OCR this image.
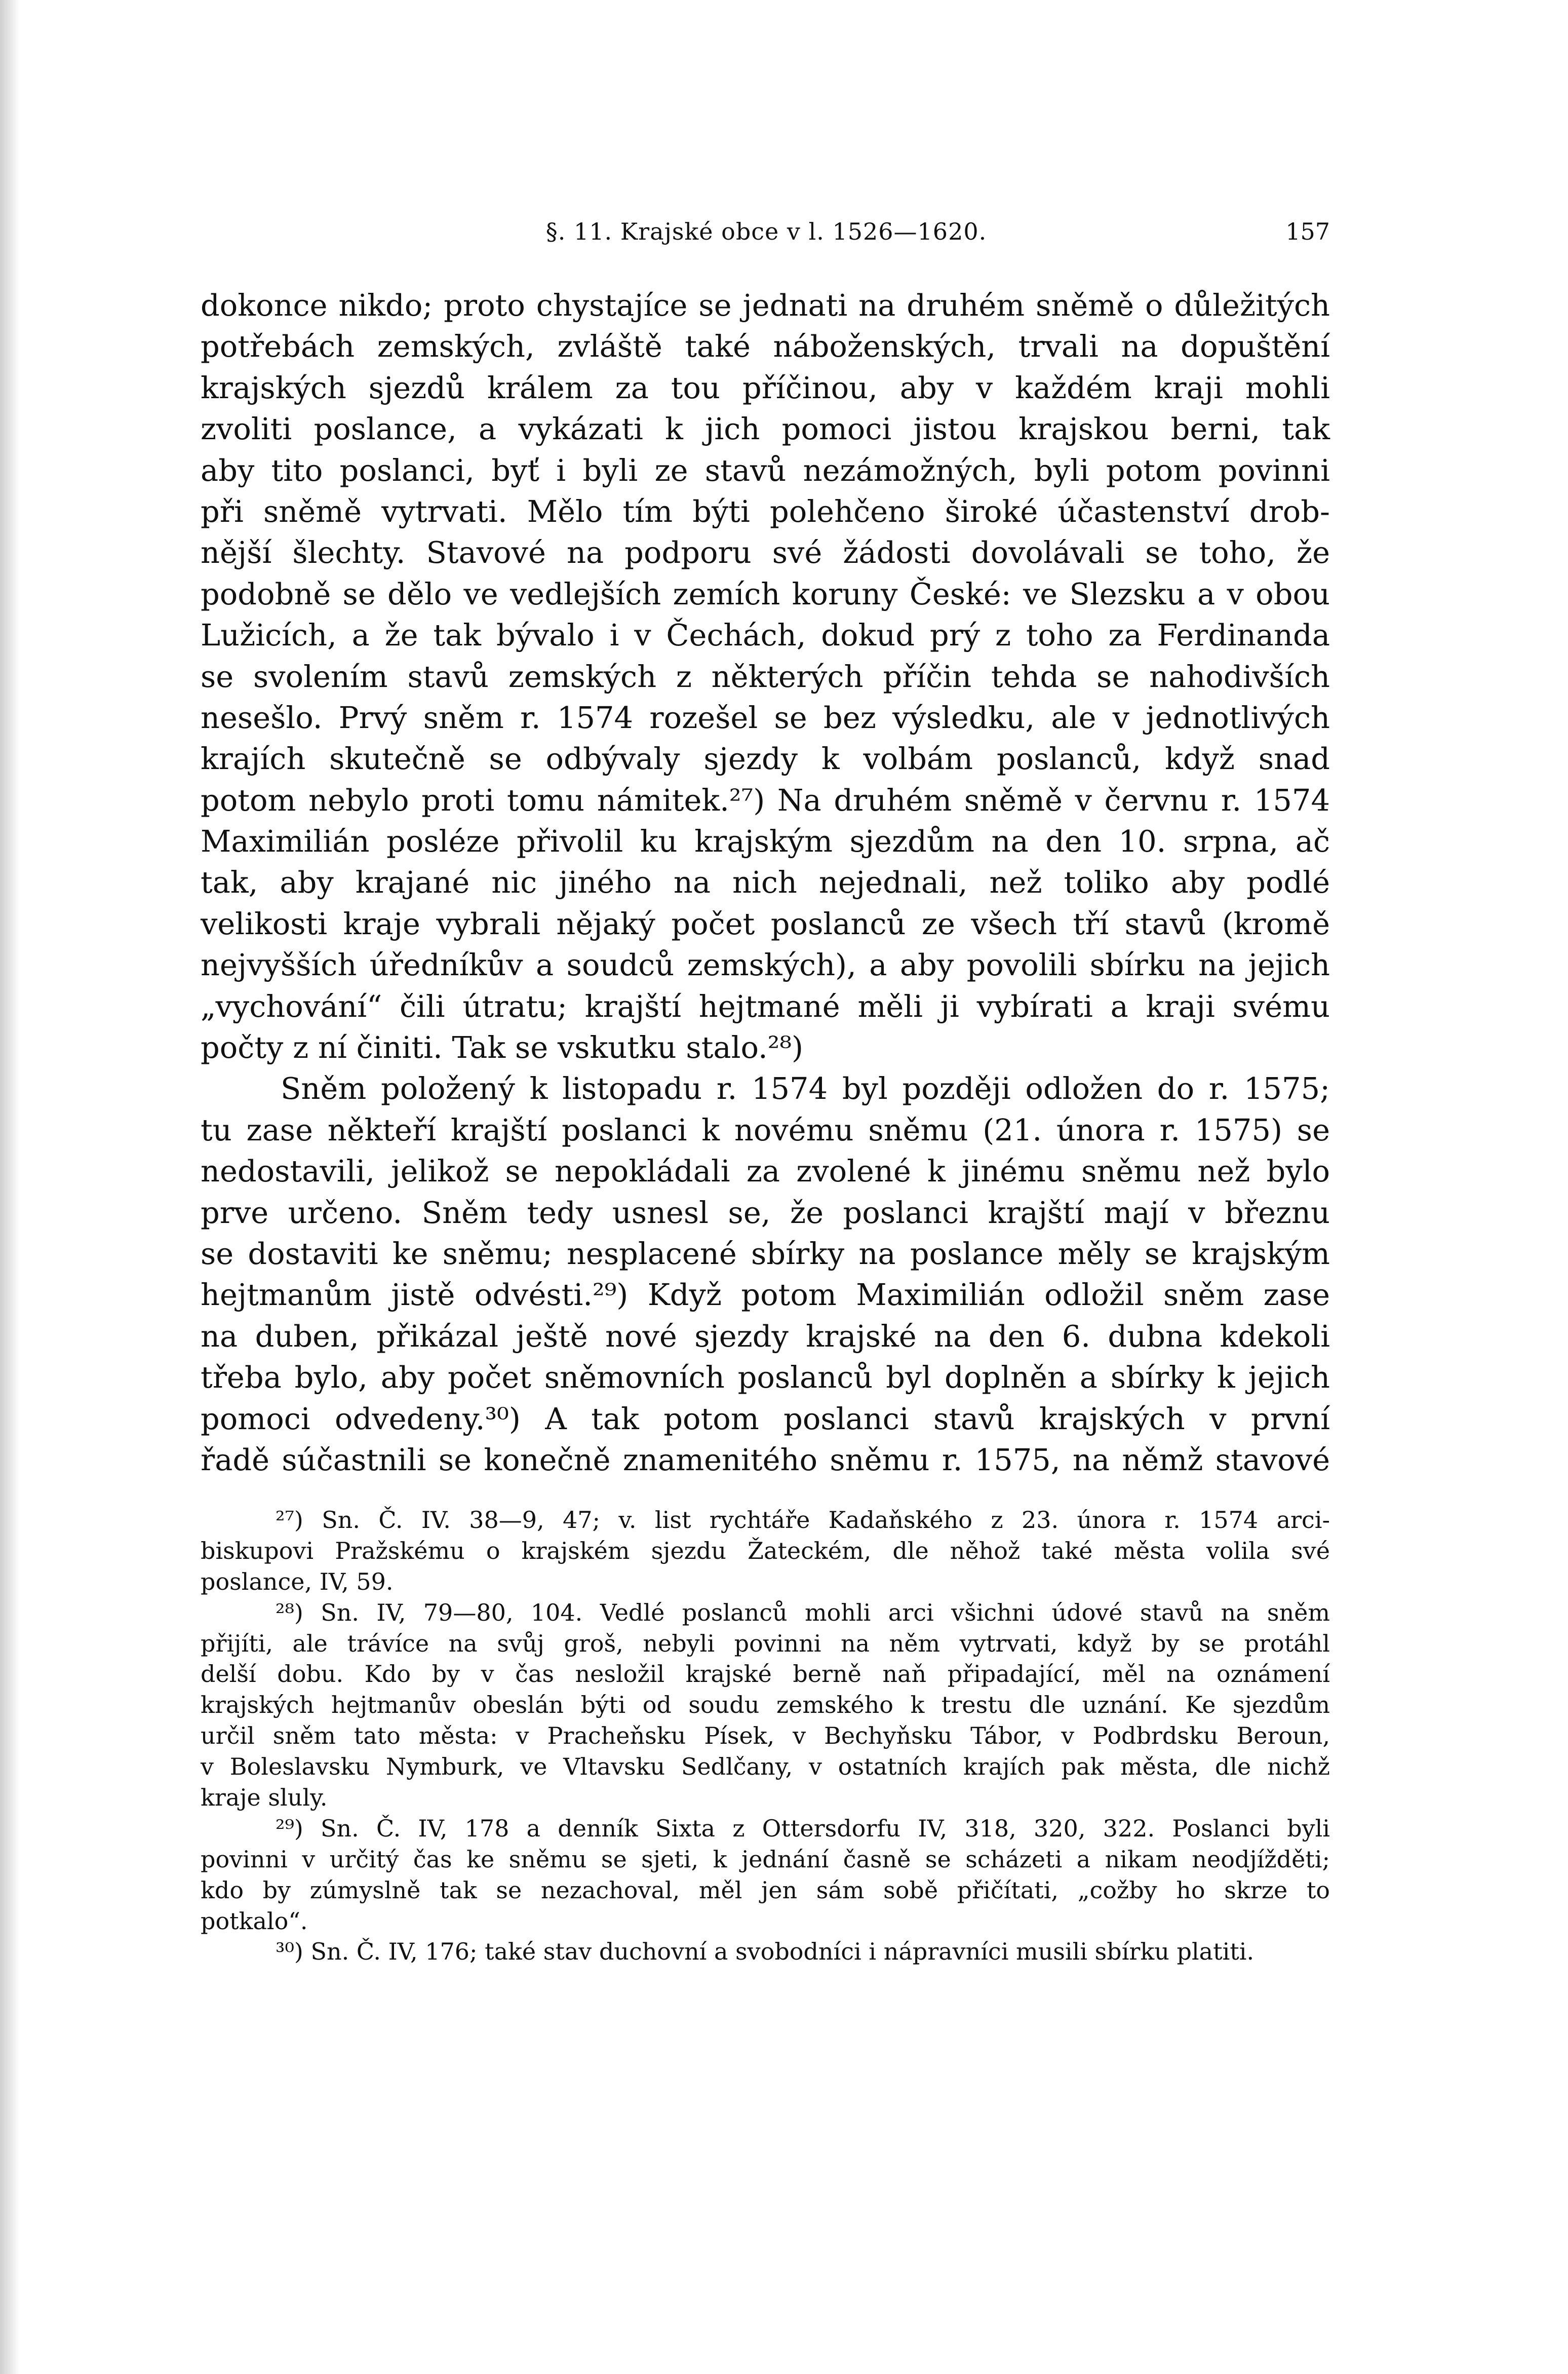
§. 11. Krajské obce v l. 1526—1620.	157
dokonce nikdo; proto chystajíce se jednati na druhém sněmě o důležitých
potřebách zemských, zvláště také náboženských, trvali na dopuštění
krajských sjezdů králem za tou příčinou, aby v každém kraji mohli
zvoliti poslance, a vykázati k jich pomoci jistou krajskou berni, tak
aby tito poslanci, byť i byli ze stavů nezámožných, byli potom povinni
při sněmě vytrvati. Mělo tím býti polehčeno široké účastenství drob-
nější šlechty. Stavové na podporu své žádosti dovolávali se toho, že
podobně se dělo ve vedlejších zemích koruny České: ve Slezsku a v obou
Lužicích, a že tak bývalo i v Čechách, dokud prý z toho za Ferdinanda
se svolením stavů zemských z některých příčin tehda se nahodivších
nesešlo. Prvý sněm r. 1574 rozešel se bez výsledku, ale v jednotlivých
krajích skutečně se odbývaly sjezdy k volbám poslanců, když snad
potom nebylo proti tomu námitek.²⁷) Na druhém sněmě v červnu r. 1574
Maximilián posléze přivolil ku krajským sjezdům na den 10. srpna, ač
tak, aby krajané nic jiného na nich nejednali, než toliko aby podlé
velikosti kraje vybrali nějaký počet poslanců ze všech tří stavů (kromě
nejvyšších úředníkův a soudců zemských), a aby povolili sbírku na jejich
„vychování“ čili útratu; krajští hejtmané měli ji vybírati a kraji svému
počty z ní činiti. Tak se vskutku stalo.²⁸)
Sněm položený k listopadu r. 1574 byl později odložen do r. 1575;
tu zase někteří krajští poslanci k novému sněmu (21. února r. 1575) se
nedostavili, jelikož se nepokládali za zvolené k jinému sněmu než bylo
prve určeno. Sněm tedy usnesl se, že poslanci krajští mají v březnu
se dostaviti ke sněmu; nesplacené sbírky na poslance měly se krajským
hejtmanům jistě odvésti.²⁹) Když potom Maximilián odložil sněm zase
na duben, přikázal ještě nové sjezdy krajské na den 6. dubna kdekoli
třeba bylo, aby počet sněmovních poslanců byl doplněn a sbírky k jejich
pomoci odvedeny.³⁰) A tak potom poslanci stavů krajských v první
řadě súčastnili se konečně znamenitého sněmu r. 1575, na němž stavové
²⁷) Sn. Č. IV. 38—9, 47; v. list rychtáře Kadaňského z 23. února r. 1574 arci-
biskupovi Pražskému o krajském sjezdu Žateckém, dle něhož také města volila své
poslance, IV, 59.
²⁸) Sn. IV, 79—80, 104. Vedlé poslanců mohli arci všichni údové stavů na sněm
přijíti, ale trávíce na svůj groš, nebyli povinni na něm vytrvati, když by se protáhl
delší dobu. Kdo by v čas nesložil krajské berně naň připadající, měl na oznámení
krajských hejtmanův obeslán býti od soudu zemského k trestu dle uznání. Ke sjezdům
určil sněm tato města: v Pracheňsku Písek, v Bechyňsku Tábor, v Podbrdsku Beroun,
v Boleslavsku Nymburk, ve Vltavsku Sedlčany, v ostatních krajích pak města, dle nichž
kraje sluly.
²⁹) Sn. Č. IV, 178 a denník Sixta z Ottersdorfu IV, 318, 320, 322. Poslanci byli
povinni v určitý čas ke sněmu se sjeti, k jednání časně se scházeti a nikam neodjížděti;
kdo by zúmyslně tak se nezachoval, měl jen sám sobě přičítati, „cožby ho skrze to
potkalo“.
³⁰) Sn. Č. IV, 176; také stav duchovní a svobodníci i nápravníci musili sbírku platiti.
